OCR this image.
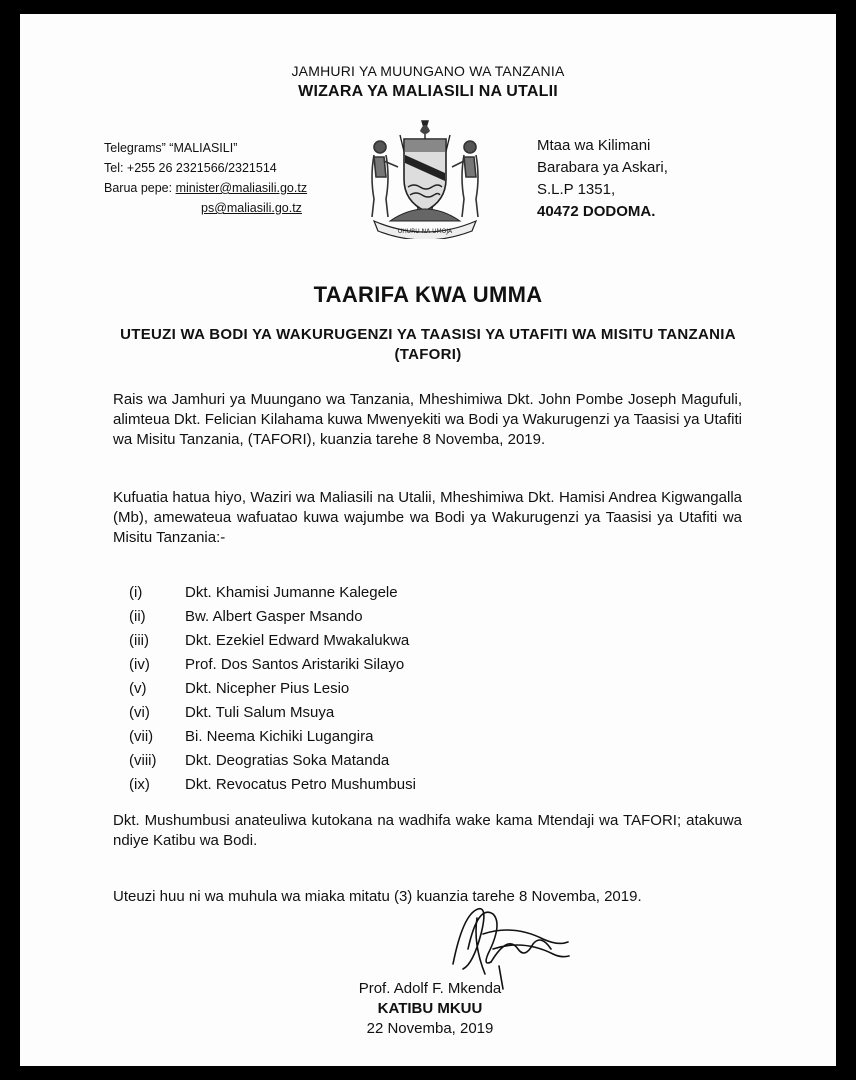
JAMHURI YA MUUNGANO WA TANZANIA
WIZARA YA MALIASILI NA UTALII
Telegrams” “MALIASILI”
Tel: +255 26 2321566/2321514
Barua pepe: minister@maliasili.go.tz
ps@maliasili.go.tz
UHURU NA UMOJA
Mtaa wa Kilimani
Barabara ya Askari,
S.L.P 1351,
40472 DODOMA.
TAARIFA KWA UMMA
UTEUZI WA BODI YA WAKURUGENZI YA TAASISI YA UTAFITI WA MISITU TANZANIA (TAFORI)
Rais wa Jamhuri ya Muungano wa Tanzania, Mheshimiwa Dkt. John Pombe Joseph Magufuli, alimteua Dkt. Felician Kilahama kuwa Mwenyekiti wa Bodi ya Wakurugenzi ya Taasisi ya Utafiti wa Misitu Tanzania, (TAFORI), kuanzia tarehe 8 Novemba, 2019.
Kufuatia hatua hiyo, Waziri wa Maliasili na Utalii, Mheshimiwa Dkt. Hamisi Andrea Kigwangalla (Mb), amewateua wafuatao kuwa wajumbe wa Bodi ya Wakurugenzi ya Taasisi ya Utafiti wa Misitu Tanzania:-
(i)	Dkt. Khamisi Jumanne Kalegele
(ii)	Bw. Albert Gasper Msando
(iii)	Dkt. Ezekiel Edward Mwakalukwa
(iv)	Prof. Dos Santos Aristariki Silayo
(v)	Dkt. Nicepher Pius Lesio
(vi)	Dkt. Tuli Salum Msuya
(vii)	Bi. Neema Kichiki Lugangira
(viii)	Dkt. Deogratias Soka Matanda
(ix)	Dkt. Revocatus Petro Mushumbusi
Dkt. Mushumbusi anateuliwa kutokana na wadhifa wake kama Mtendaji wa TAFORI; atakuwa ndiye Katibu wa Bodi.
Uteuzi huu ni wa muhula wa miaka mitatu (3) kuanzia tarehe 8 Novemba, 2019.
Prof. Adolf F. Mkenda
KATIBU MKUU
22 Novemba, 2019
